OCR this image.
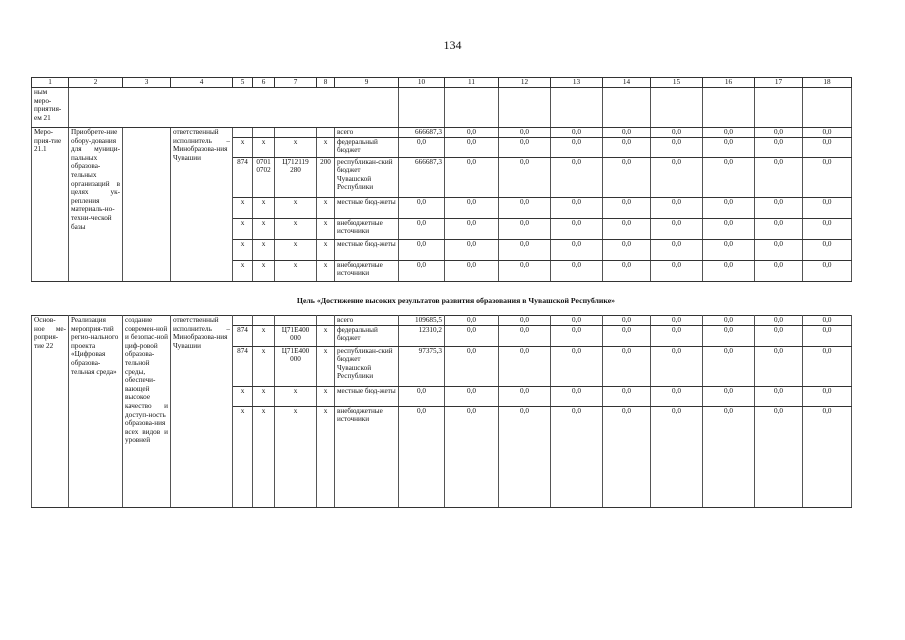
134
1	2	3	4	5	6	7	8	9	10	11	12	13	14	15	16	17	18
ным меро-приятия-ем 21																	
Меро-прия-тие 21.1	Приобрете-ние обору-дования для муници-пальных образова-тельных организаций в целях ук-репления материаль-но-техни-ческой базы		ответственный исполнитель – Минобразова-ния Чувашии					всего	666687,3	0,0	0,0	0,0	0,0	0,0	0,0	0,0	0,0
				x	x	x	x	федеральный бюджет	0,0	0,0	0,0	0,0	0,0	0,0	0,0	0,0	0,0
				874	0701 0702	Ц712119 280	200	республикан-ский бюджет Чувашской Республики	666687,3	0,0	0,0	0,0	0,0	0,0	0,0	0,0	0,0
				x	x	x	x	местные бюд-жеты	0,0	0,0	0,0	0,0	0,0	0,0	0,0	0,0	0,0
				x	x	x	x	внебюджетные источники	0,0	0,0	0,0	0,0	0,0	0,0	0,0	0,0	0,0
				x	x	x	x	местные бюд-жеты	0,0	0,0	0,0	0,0	0,0	0,0	0,0	0,0	0,0
				x	x	x	x	внебюджетные источники	0,0	0,0	0,0	0,0	0,0	0,0	0,0	0,0	0,0
Цель «Достижение высоких результатов развития образования в Чувашской Республике»
Основ-ное ме-роприя-тие 22	Реализация мероприя-тий регио-нального проекта «Цифровая образова-тельная среда»	создание современ-ной и безопас-ной циф-ровой образова-тельной среды, обеспечи-вающей высокое качество и доступ-ность образова-ния всех видов и уровней	ответственный исполнитель – Минобразова-ния Чувашии					всего	109685,5	0,0	0,0	0,0	0,0	0,0	0,0	0,0	0,0
				874	x	Ц71Е400 000	x	федеральный бюджет	12310,2	0,0	0,0	0,0	0,0	0,0	0,0	0,0	0,0
				874	x	Ц71Е400 000	x	республикан-ский бюджет Чувашской Республики	97375,3	0,0	0,0	0,0	0,0	0,0	0,0	0,0	0,0
				x	x	x	x	местные бюд-жеты	0,0	0,0	0,0	0,0	0,0	0,0	0,0	0,0	0,0
				x	x	x	x	внебюджетные источники	0,0	0,0	0,0	0,0	0,0	0,0	0,0	0,0	0,0
